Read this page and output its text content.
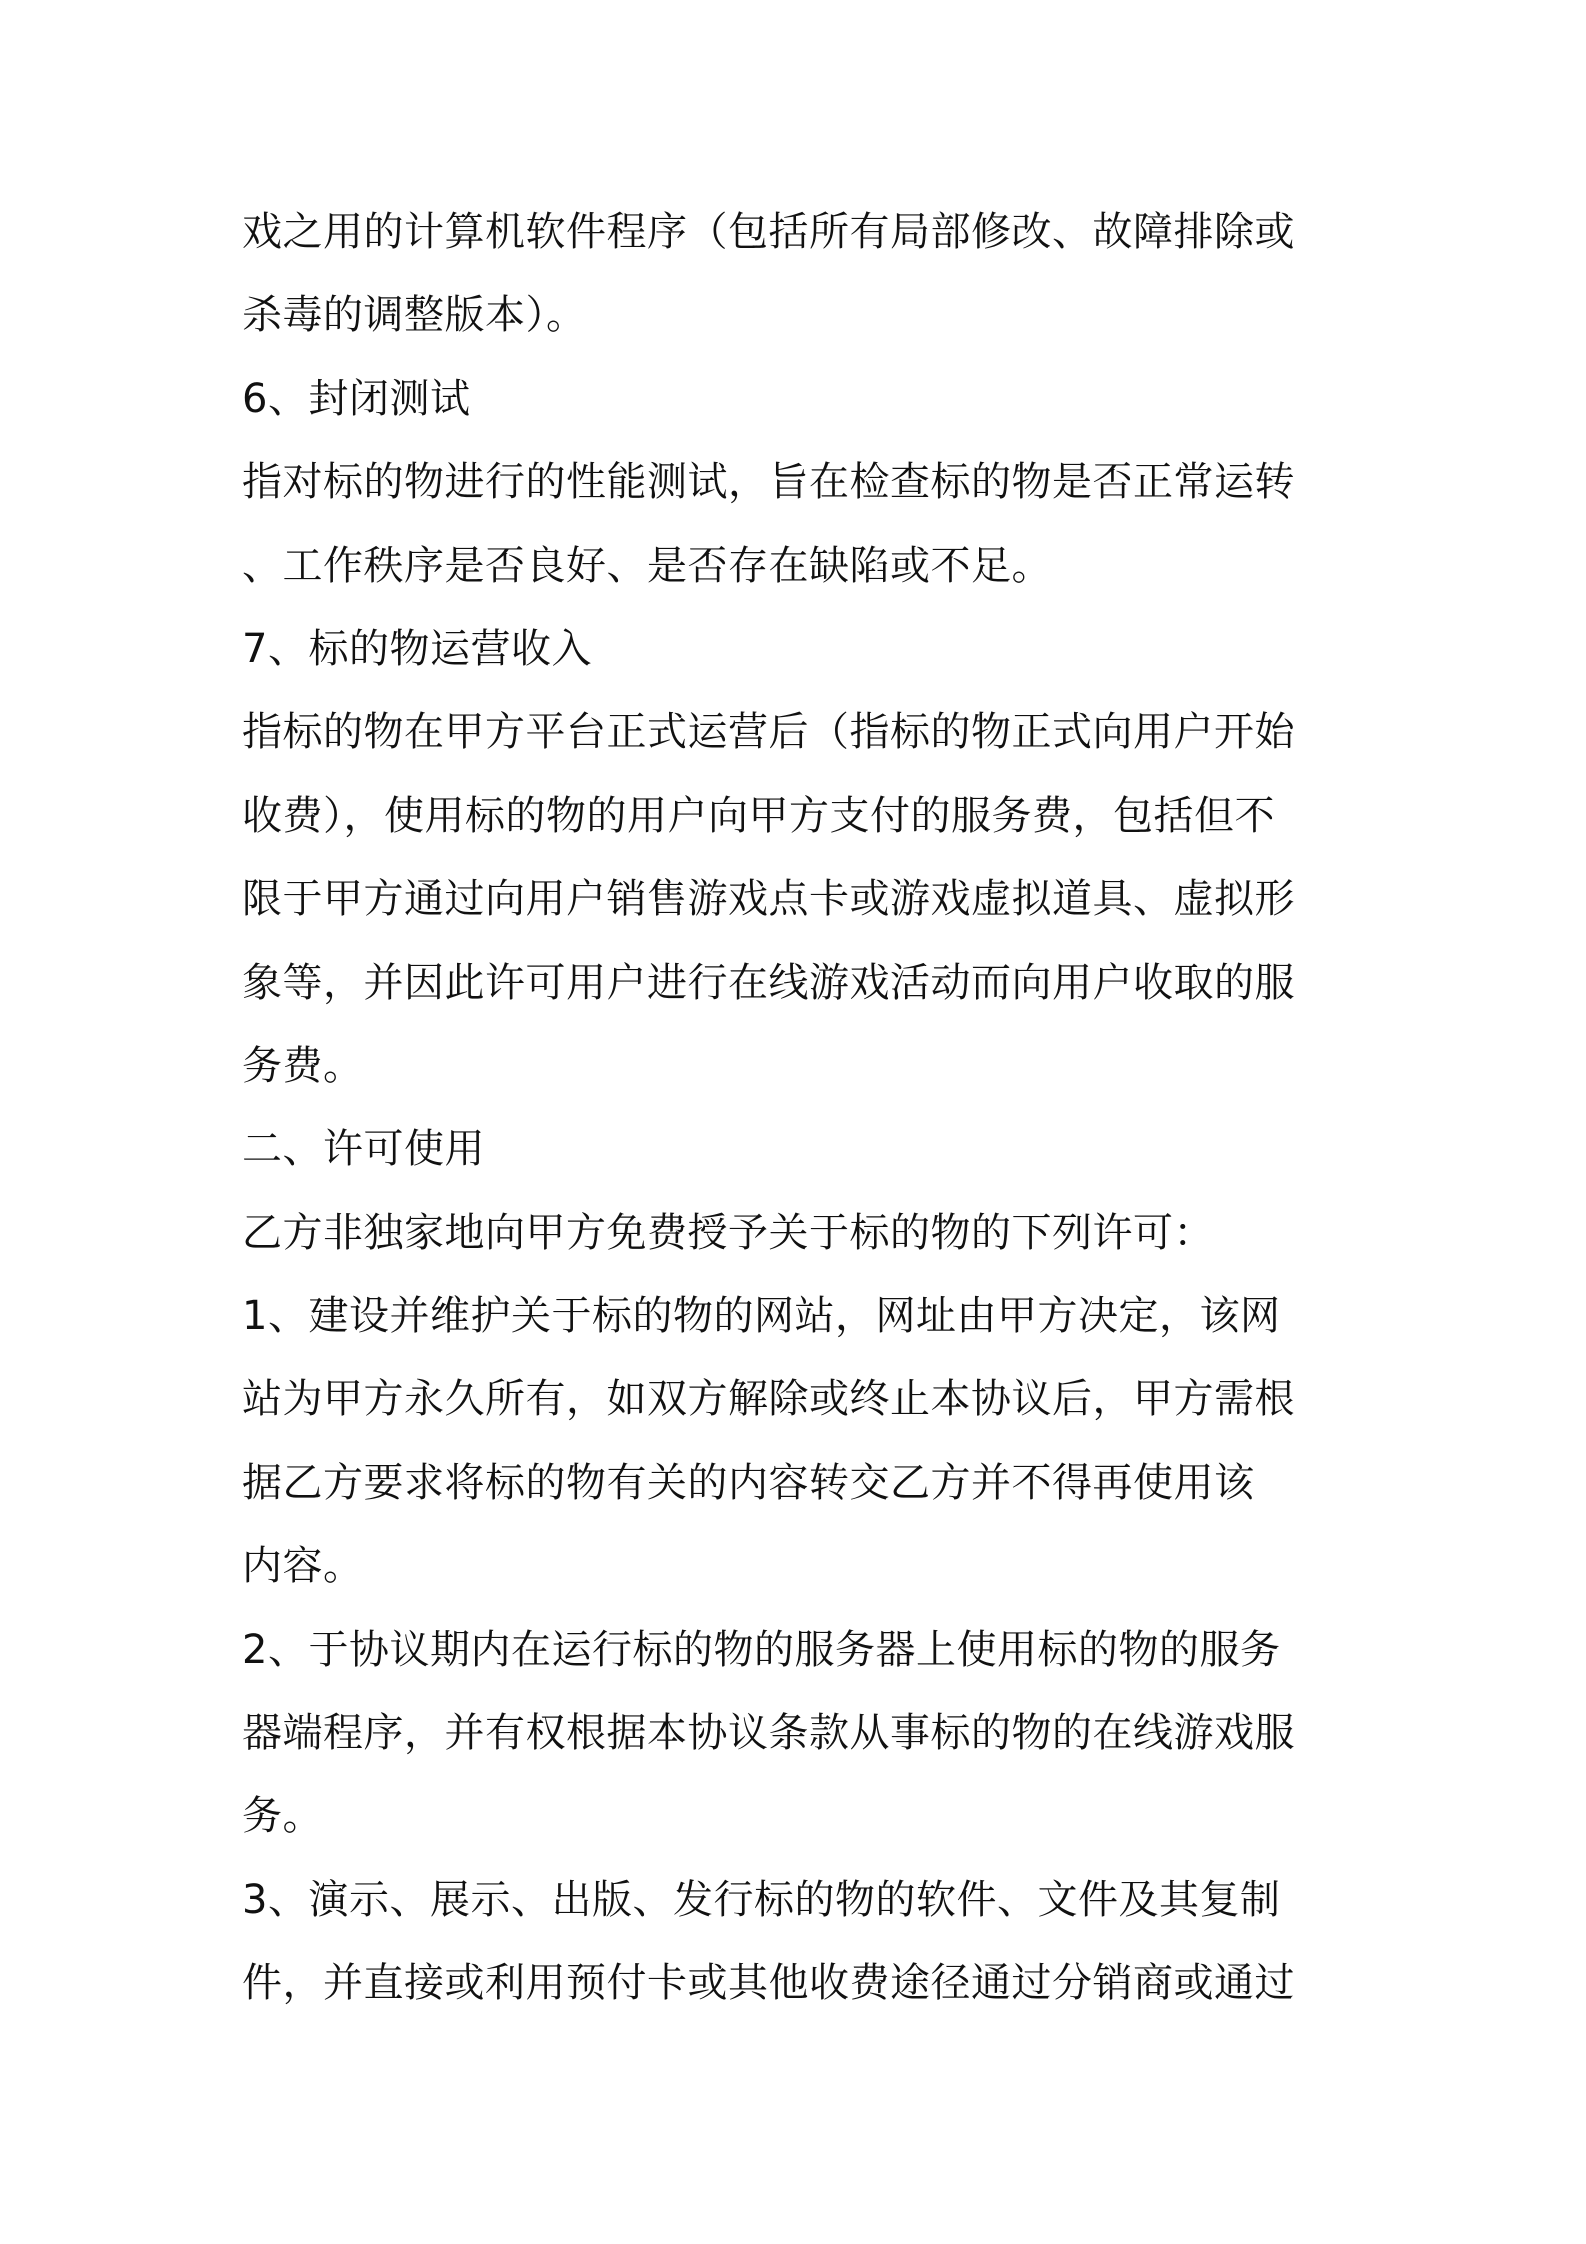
戏之用的计算机软件程序（包括所有局部修改、故障排除或
杀毒的调整版本）。
6、封闭测试
指对标的物进行的性能测试，旨在检查标的物是否正常运转
、工作秩序是否良好、是否存在缺陷或不足。
7、标的物运营收入
指标的物在甲方平台正式运营后（指标的物正式向用户开始
收费），使用标的物的用户向甲方支付的服务费，包括但不
限于甲方通过向用户销售游戏点卡或游戏虚拟道具、虚拟形
象等，并因此许可用户进行在线游戏活动而向用户收取的服
务费。
二、许可使用
乙方非独家地向甲方免费授予关于标的物的下列许可：
1、建设并维护关于标的物的网站，网址由甲方决定，该网
站为甲方永久所有，如双方解除或终止本协议后，甲方需根
据乙方要求将标的物有关的内容转交乙方并不得再使用该
内容。
2、于协议期内在运行标的物的服务器上使用标的物的服务
器端程序，并有权根据本协议条款从事标的物的在线游戏服
务。
3、演示、展示、出版、发行标的物的软件、文件及其复制
件，并直接或利用预付卡或其他收费途径通过分销商或通过
